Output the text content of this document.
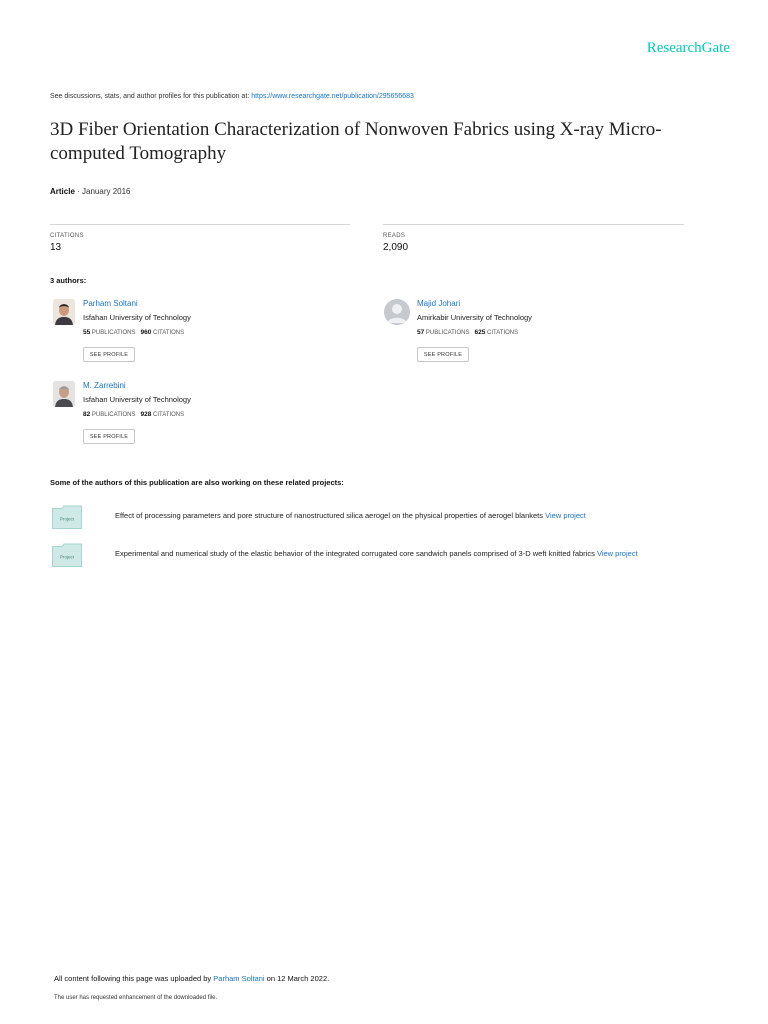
ResearchGate
See discussions, stats, and author profiles for this publication at: https://www.researchgate.net/publication/295656683
3D Fiber Orientation Characterization of Nonwoven Fabrics using X-ray Micro-computed Tomography
Article · January 2016
CITATIONS
13
READS
2,090
3 authors:
Parham Soltani
Isfahan University of Technology
55 PUBLICATIONS 960 CITATIONS
SEE PROFILE
Majid Johari
Amirkabir University of Technology
57 PUBLICATIONS 625 CITATIONS
SEE PROFILE
M. Zarrebini
Isfahan University of Technology
82 PUBLICATIONS 928 CITATIONS
SEE PROFILE
Some of the authors of this publication are also working on these related projects:
Project	Effect of processing parameters and pore structure of nanostructured silica aerogel on the physical properties of aerogel blankets View project
Project	Experimental and numerical study of the elastic behavior of the integrated corrugated core sandwich panels comprised of 3-D weft knitted fabrics View project
All content following this page was uploaded by Parham Soltani on 12 March 2022.
The user has requested enhancement of the downloaded file.
